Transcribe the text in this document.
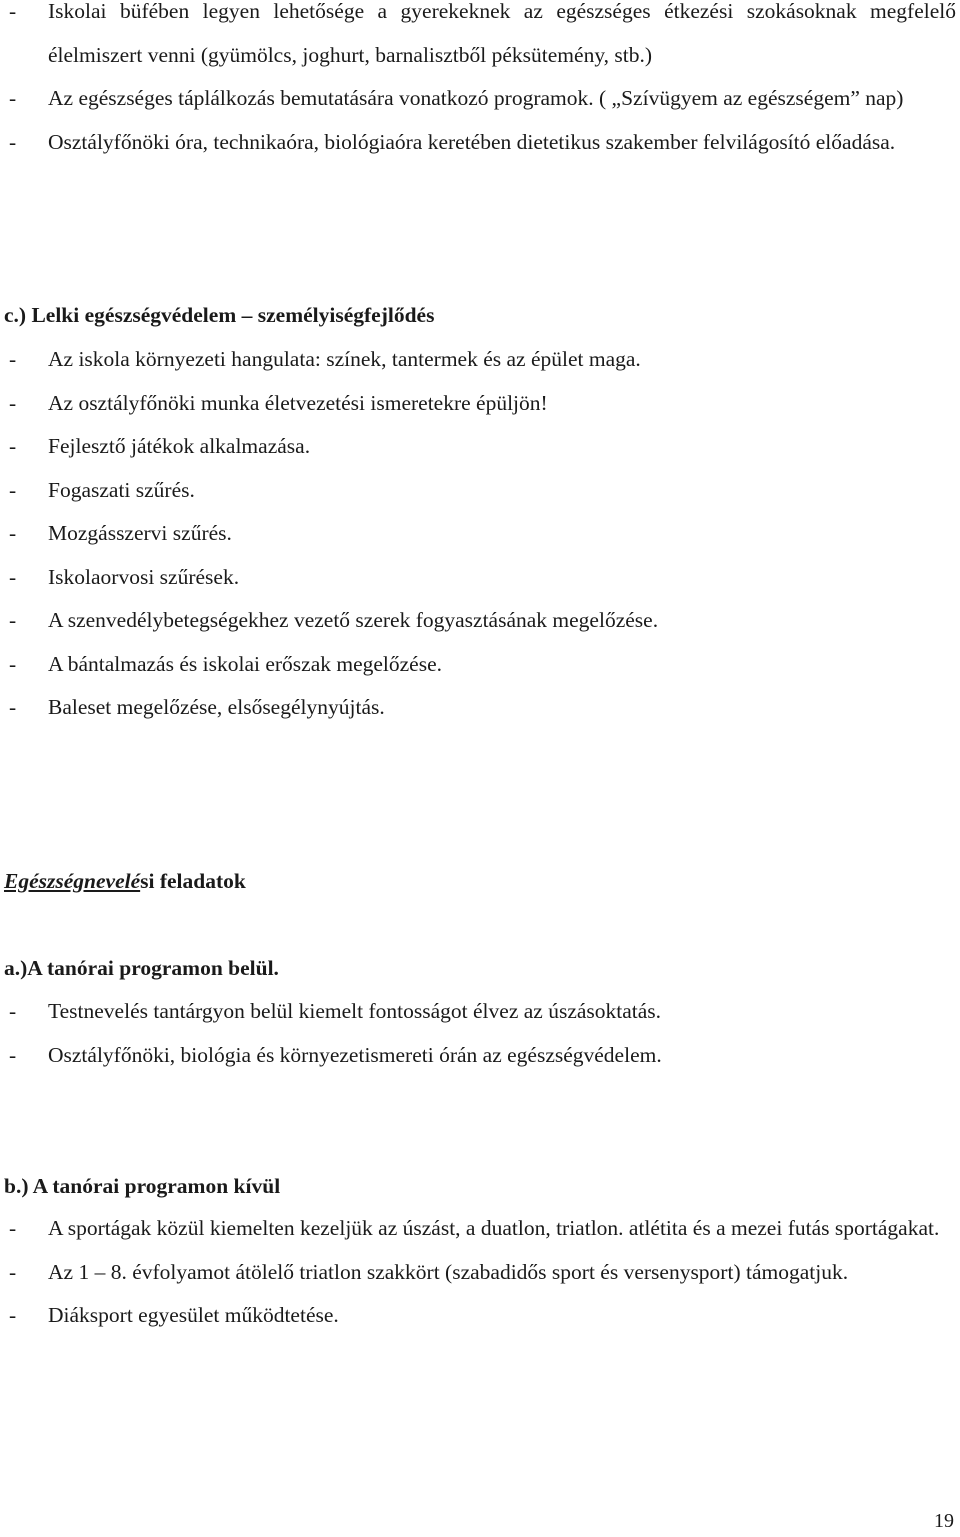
- Iskolai büfében legyen lehetősége a gyerekeknek az egészséges étkezési szokásoknak megfelelő élelmiszert venni (gyümölcs, joghurt, barnalisztből péksütemény, stb.)
- Az egészséges táplálkozás bemutatására vonatkozó programok. ( „Szívügyem az egészségem” nap)
- Osztályfőnöki óra, technikaóra, biológiaóra keretében dietetikus szakember felvilágosító előadása.
c.) Lelki egészségvédelem – személyiségfejlődés
- Az iskola környezeti hangulata: színek, tantermek és az épület maga.
- Az osztályfőnöki munka életvezetési ismeretekre épüljön!
- Fejlesztő játékok alkalmazása.
- Fogaszati szűrés.
- Mozgásszervi szűrés.
- Iskolaorvosi szűrések.
- A szenvedélybetegségekhez vezető szerek fogyasztásának megelőzése.
- A bántalmazás és iskolai erőszak megelőzése.
- Baleset megelőzése, elsősegélynyújtás.
Egészségnevelési feladatok
a.)A tanórai programon belül.
- Testnevelés tantárgyon belül kiemelt fontosságot élvez az úszásoktatás.
- Osztályfőnöki, biológia és környezetismereti órán az egészségvédelem.
b.) A tanórai programon kívül
- A sportágak közül kiemelten kezeljük az úszást, a duatlon, triatlon. atlétita és a mezei futás sportágakat.
- Az 1 – 8. évfolyamot átölelő triatlon szakkört (szabadidős sport és versenysport) támogatjuk.
- Diáksport egyesület működtetése.
19
